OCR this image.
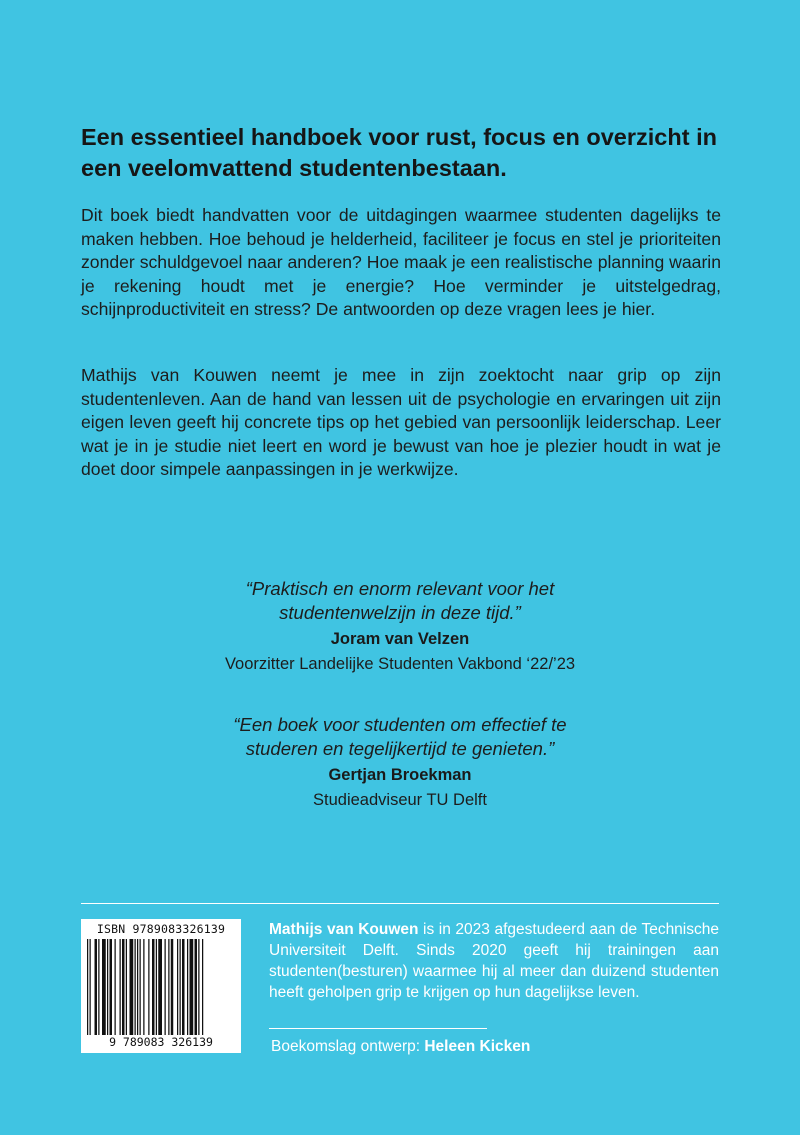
Een essentieel handboek voor rust, focus en overzicht in een veelomvattend studentenbestaan.

Dit boek biedt handvatten voor de uitdagingen waarmee studenten dagelijks te maken hebben. Hoe behoud je helderheid, faciliteer je focus en stel je prioriteiten zonder schuldgevoel naar anderen? Hoe maak je een realistische planning waarin je rekening houdt met je energie? Hoe verminder je uitstelgedrag, schijnproductiviteit en stress? De antwoorden op deze vragen lees je hier.

Mathijs van Kouwen neemt je mee in zijn zoektocht naar grip op zijn studentenleven. Aan de hand van lessen uit de psychologie en ervaringen uit zijn eigen leven geeft hij concrete tips op het gebied van persoonlijk leiderschap. Leer wat je in je studie niet leert en word je bewust van hoe je plezier houdt in wat je doet door simpele aanpassingen in je werkwijze.

“Praktisch en enorm relevant voor het
studentenwelzijn in deze tijd.”

Joram van Velzen

Voorzitter Landelijke Studenten Vakbond ‘22/’23

“Een boek voor studenten om effectief te
studeren en tegelijkertijd te genieten.”

Gertjan Broekman

Studieadviseur TU Delft

ISBN 9789083326139
9 789083 326139

Mathijs van Kouwen is in 2023 afgestudeerd aan de Technische Universiteit Delft. Sinds 2020 geeft hij trainingen aan studenten(besturen) waarmee hij al meer dan duizend studenten heeft geholpen grip te krijgen op hun dagelijkse leven.

Boekomslag ontwerp: Heleen Kicken
